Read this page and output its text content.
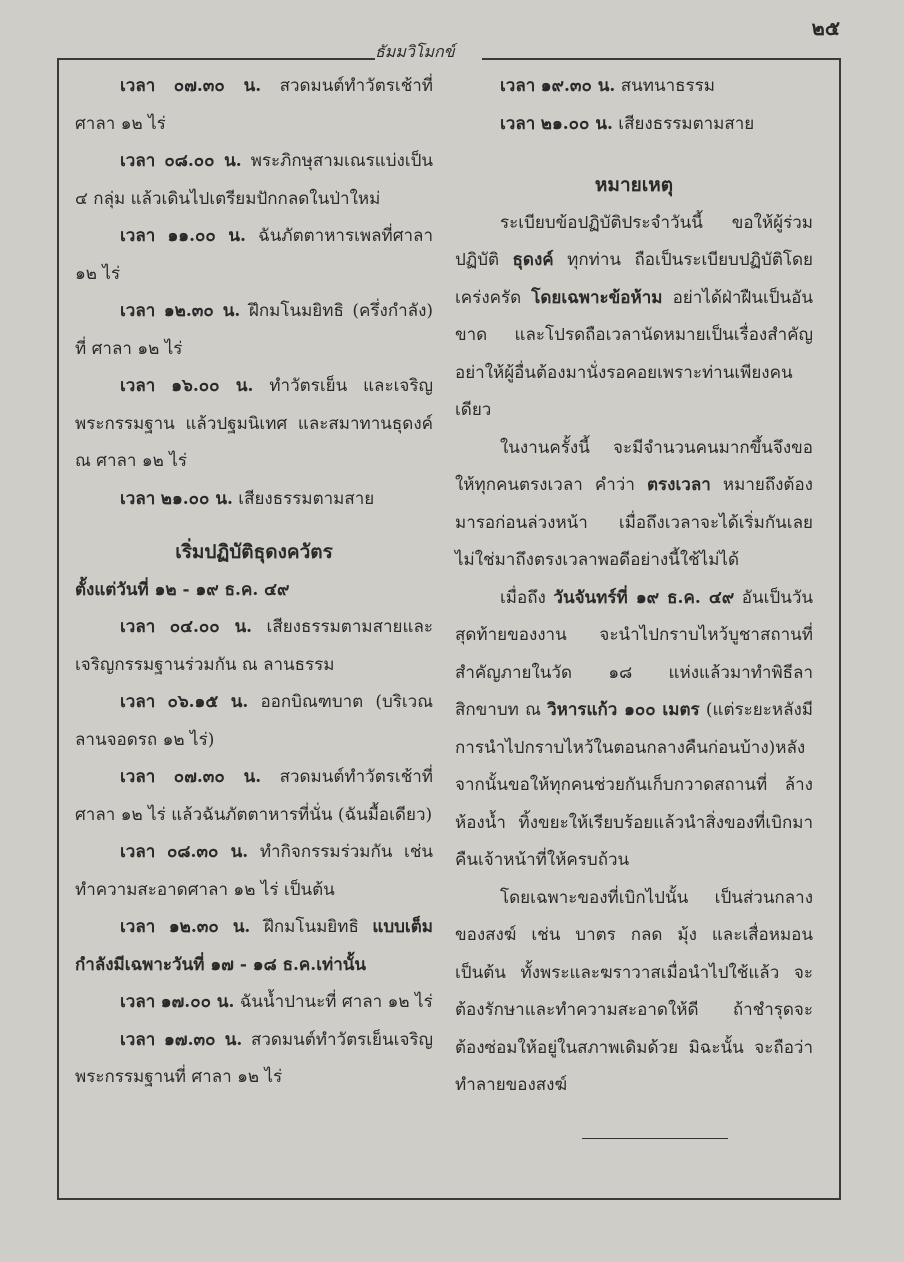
๒๕
ธัมมวิโมกข์

เวลา ๐๗.๓๐ น. สวดมนต์ทำวัตรเช้าที่ศาลา ๑๒ ไร่

เวลา ๐๘.๐๐ น. พระภิกษุสามเณรแบ่งเป็น ๔ กลุ่ม แล้วเดินไปเตรียมปักกลดในป่าใหม่

เวลา ๑๑.๐๐ น. ฉันภัตตาหารเพลที่ศาลา ๑๒ ไร่

เวลา ๑๒.๓๐ น. ฝึกมโนมยิทธิ (ครึ่งกำลัง) ที่ ศาลา ๑๒ ไร่

เวลา ๑๖.๐๐ น. ทำวัตรเย็น และเจริญพระกรรมฐาน แล้วปฐมนิเทศ และสมาทานธุดงค์ ณ ศาลา ๑๒ ไร่

เวลา ๒๑.๐๐ น. เสียงธรรมตามสาย

เริ่มปฏิบัติธุดงควัตร

ตั้งแต่วันที่ ๑๒ - ๑๙ ธ.ค. ๔๙

เวลา ๐๔.๐๐ น. เสียงธรรมตามสายและเจริญกรรมฐานร่วมกัน ณ ลานธรรม

เวลา ๐๖.๑๕ น. ออกบิณฑบาต (บริเวณลานจอดรถ ๑๒ ไร่)

เวลา ๐๗.๓๐ น. สวดมนต์ทำวัตรเช้าที่ศาลา ๑๒ ไร่ แล้วฉันภัตตาหารที่นั่น (ฉันมื้อเดียว)

เวลา ๐๘.๓๐ น. ทำกิจกรรมร่วมกัน เช่นทำความสะอาดศาลา ๑๒ ไร่ เป็นต้น

เวลา ๑๒.๓๐ น. ฝึกมโนมยิทธิ แบบเต็มกำลังมีเฉพาะวันที่ ๑๗ - ๑๘ ธ.ค.เท่านั้น

เวลา ๑๗.๐๐ น. ฉันน้ำปานะที่ ศาลา ๑๒ ไร่

เวลา ๑๗.๓๐ น. สวดมนต์ทำวัตรเย็นเจริญพระกรรมฐานที่ ศาลา ๑๒ ไร่

เวลา ๑๙.๓๐ น. สนทนาธรรม

เวลา ๒๑.๐๐ น. เสียงธรรมตามสาย

หมายเหตุ

ระเบียบข้อปฏิบัติประจำวันนี้ ขอให้ผู้ร่วมปฏิบัติ ธุดงค์ ทุกท่าน ถือเป็นระเบียบปฏิบัติโดยเคร่งครัด โดยเฉพาะข้อห้าม อย่าได้ฝ่าฝืนเป็นอันขาด และโปรดถือเวลานัดหมายเป็นเรื่องสำคัญ อย่าให้ผู้อื่นต้องมานั่งรอคอยเพราะท่านเพียงคนเดียว

ในงานครั้งนี้ จะมีจำนวนคนมากขึ้นจึงขอให้ทุกคนตรงเวลา คำว่า ตรงเวลา หมายถึงต้องมารอก่อนล่วงหน้า เมื่อถึงเวลาจะได้เริ่มกันเลยไม่ใช่มาถึงตรงเวลาพอดีอย่างนี้ใช้ไม่ได้

เมื่อถึง วันจันทร์ที่ ๑๙ ธ.ค. ๔๙ อันเป็นวันสุดท้ายของงาน จะนำไปกราบไหว้บูชาสถานที่สำคัญภายในวัด ๑๘ แห่งแล้วมาทำพิธีลาสิกขาบท ณ วิหารแก้ว ๑๐๐ เมตร (แต่ระยะหลังมีการนำไปกราบไหว้ในตอนกลางคืนก่อนบ้าง)หลังจากนั้นขอให้ทุกคนช่วยกันเก็บกวาดสถานที่ ล้างห้องน้ำ ทิ้งขยะให้เรียบร้อยแล้วนำสิ่งของที่เบิกมาคืนเจ้าหน้าที่ให้ครบถ้วน

โดยเฉพาะของที่เบิกไปนั้น เป็นส่วนกลางของสงฆ์ เช่น บาตร กลด มุ้ง และเสื่อหมอนเป็นต้น ทั้งพระและฆราวาสเมื่อนำไปใช้แล้ว จะต้องรักษาและทำความสะอาดให้ดี ถ้าชำรุดจะต้องซ่อมให้อยู่ในสภาพเดิมด้วย มิฉะนั้น จะถือว่าทำลายของสงฆ์
